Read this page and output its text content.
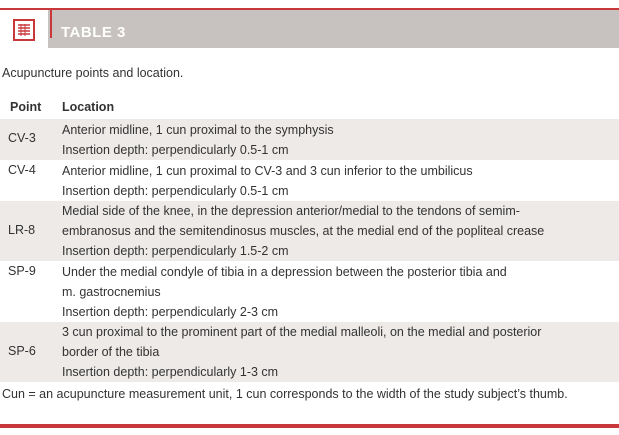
TABLE 3
Acupuncture points and location.
Point Location
CV-3
Anterior midline, 1 cun proximal to the symphysis
Insertion depth: perpendicularly 0.5-1 cm
CV-4 Anterior midline, 1 cun proximal to CV-3 and 3 cun inferior to the umbilicus
Insertion depth: perpendicularly 0.5-1 cm
LR-8
Medial side of the knee, in the depression anterior/medial to the tendons of semim-
embranosus and the semitendinosus muscles, at the medial end of the popliteal crease
Insertion depth: perpendicularly 1.5-2 cm
SP-9 Under the medial condyle of tibia in a depression between the posterior tibia and
m. gastrocnemius
Insertion depth: perpendicularly 2-3 cm
SP-6
3 cun proximal to the prominent part of the medial malleoli, on the medial and posterior
border of the tibia
Insertion depth: perpendicularly 1-3 cm
Cun = an acupuncture measurement unit, 1 cun corresponds to the width of the study subject’s thumb.
